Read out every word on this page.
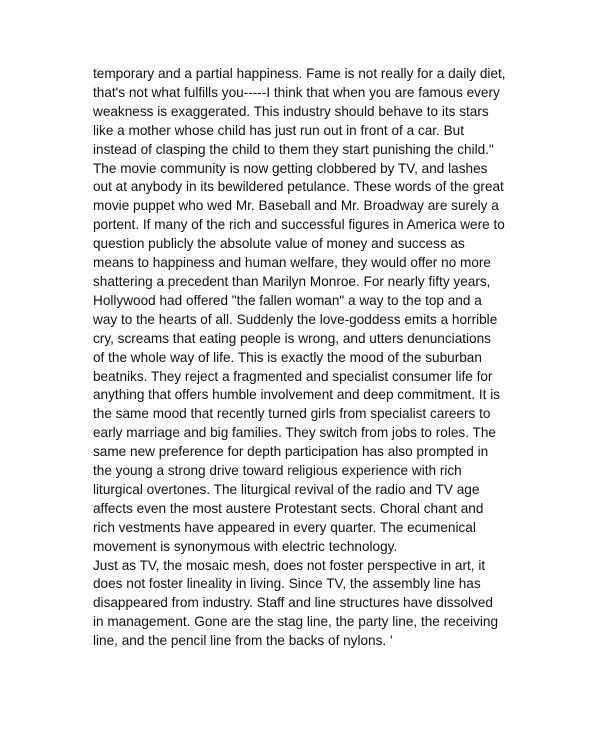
temporary and a partial happiness. Fame is not really for a daily diet,
that's not what fulfills you-----I think that when you are famous every
weakness is exaggerated. This industry should behave to its stars
like a mother whose child has just run out in front of a car. But
instead of clasping the child to them they start punishing the child."
The movie community is now getting clobbered by TV, and lashes
out at anybody in its bewildered petulance. These words of the great
movie puppet who wed Mr. Baseball and Mr. Broadway are surely a
portent. If many of the rich and successful figures in America were to
question publicly the absolute value of money and success as
means to happiness and human welfare, they would offer no more
shattering a precedent than Marilyn Monroe. For nearly fifty years,
Hollywood had offered "the fallen woman" a way to the top and a
way to the hearts of all. Suddenly the love-goddess emits a horrible
cry, screams that eating people is wrong, and utters denunciations
of the whole way of life. This is exactly the mood of the suburban
beatniks. They reject a fragmented and specialist consumer life for
anything that offers humble involvement and deep commitment. It is
the same mood that recently turned girls from specialist careers to
early marriage and big families. They switch from jobs to roles. The
same new preference for depth participation has also prompted in
the young a strong drive toward religious experience with rich
liturgical overtones. The liturgical revival of the radio and TV age
affects even the most austere Protestant sects. Choral chant and
rich vestments have appeared in every quarter. The ecumenical
movement is synonymous with electric technology.
Just as TV, the mosaic mesh, does not foster perspective in art, it
does not foster lineality in living. Since TV, the assembly line has
disappeared from industry. Staff and line structures have dissolved
in management. Gone are the stag line, the party line, the receiving
line, and the pencil line from the backs of nylons. '
